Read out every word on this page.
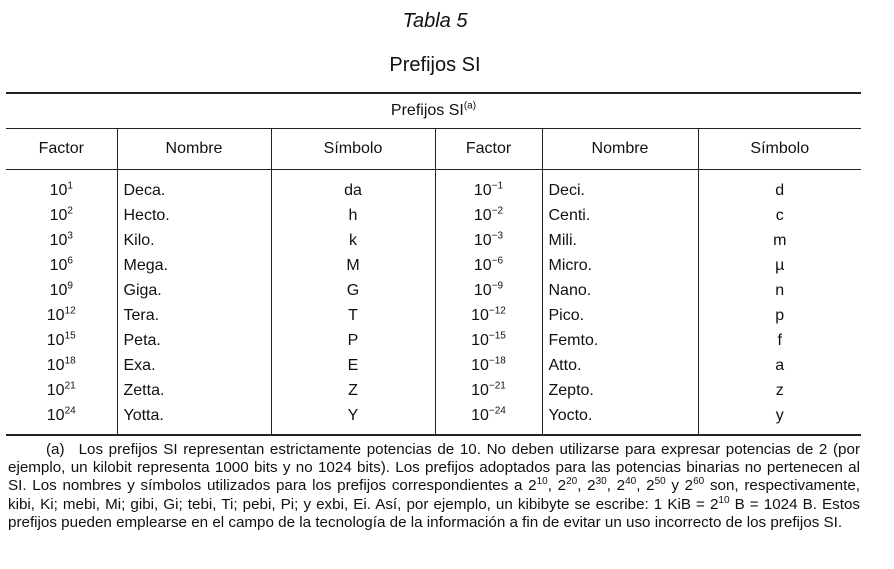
Tabla 5
Prefijos SI
Prefijos SI$^{(a)}$
Factor	Nombre	Símbolo	Factor	Nombre	Símbolo
$10^1$	Deca.	da	$10^{-1}$	Deci.	d
$10^2$	Hecto.	h	$10^{-2}$	Centi.	c
$10^3$	Kilo.	k	$10^{-3}$	Mili.	m
$10^6$	Mega.	M	$10^{-6}$	Micro.	µ
$10^9$	Giga.	G	$10^{-9}$	Nano.	n
$10^{12}$	Tera.	T	$10^{-12}$	Pico.	p
$10^{15}$	Peta.	P	$10^{-15}$	Femto.	f
$10^{18}$	Exa.	E	$10^{-18}$	Atto.	a
$10^{21}$	Zetta.	Z	$10^{-21}$	Zepto.	z
$10^{24}$	Yotta.	Y	$10^{-24}$	Yocto.	y
(a) Los prefijos SI representan estrictamente potencias de 10. No deben utilizarse para expresar potencias de 2 (por ejemplo, un kilobit representa 1000 bits y no 1024 bits). Los prefijos adoptados para las potencias binarias no pertenecen al SI. Los nombres y símbolos utilizados para los prefijos correspondientes a $2^{10}$, $2^{20}$, $2^{30}$, $2^{40}$, $2^{50}$ y $2^{60}$ son, respectivamente, kibi, Ki; mebi, Mi; gibi, Gi; tebi, Ti; pebi, Pi; y exbi, Ei. Así, por ejemplo, un kibibyte se escribe: 1 KiB = $2^{10}$ B = 1024 B. Estos prefijos pueden emplearse en el campo de la tecnología de la información a fin de evitar un uso incorrecto de los prefijos SI.
